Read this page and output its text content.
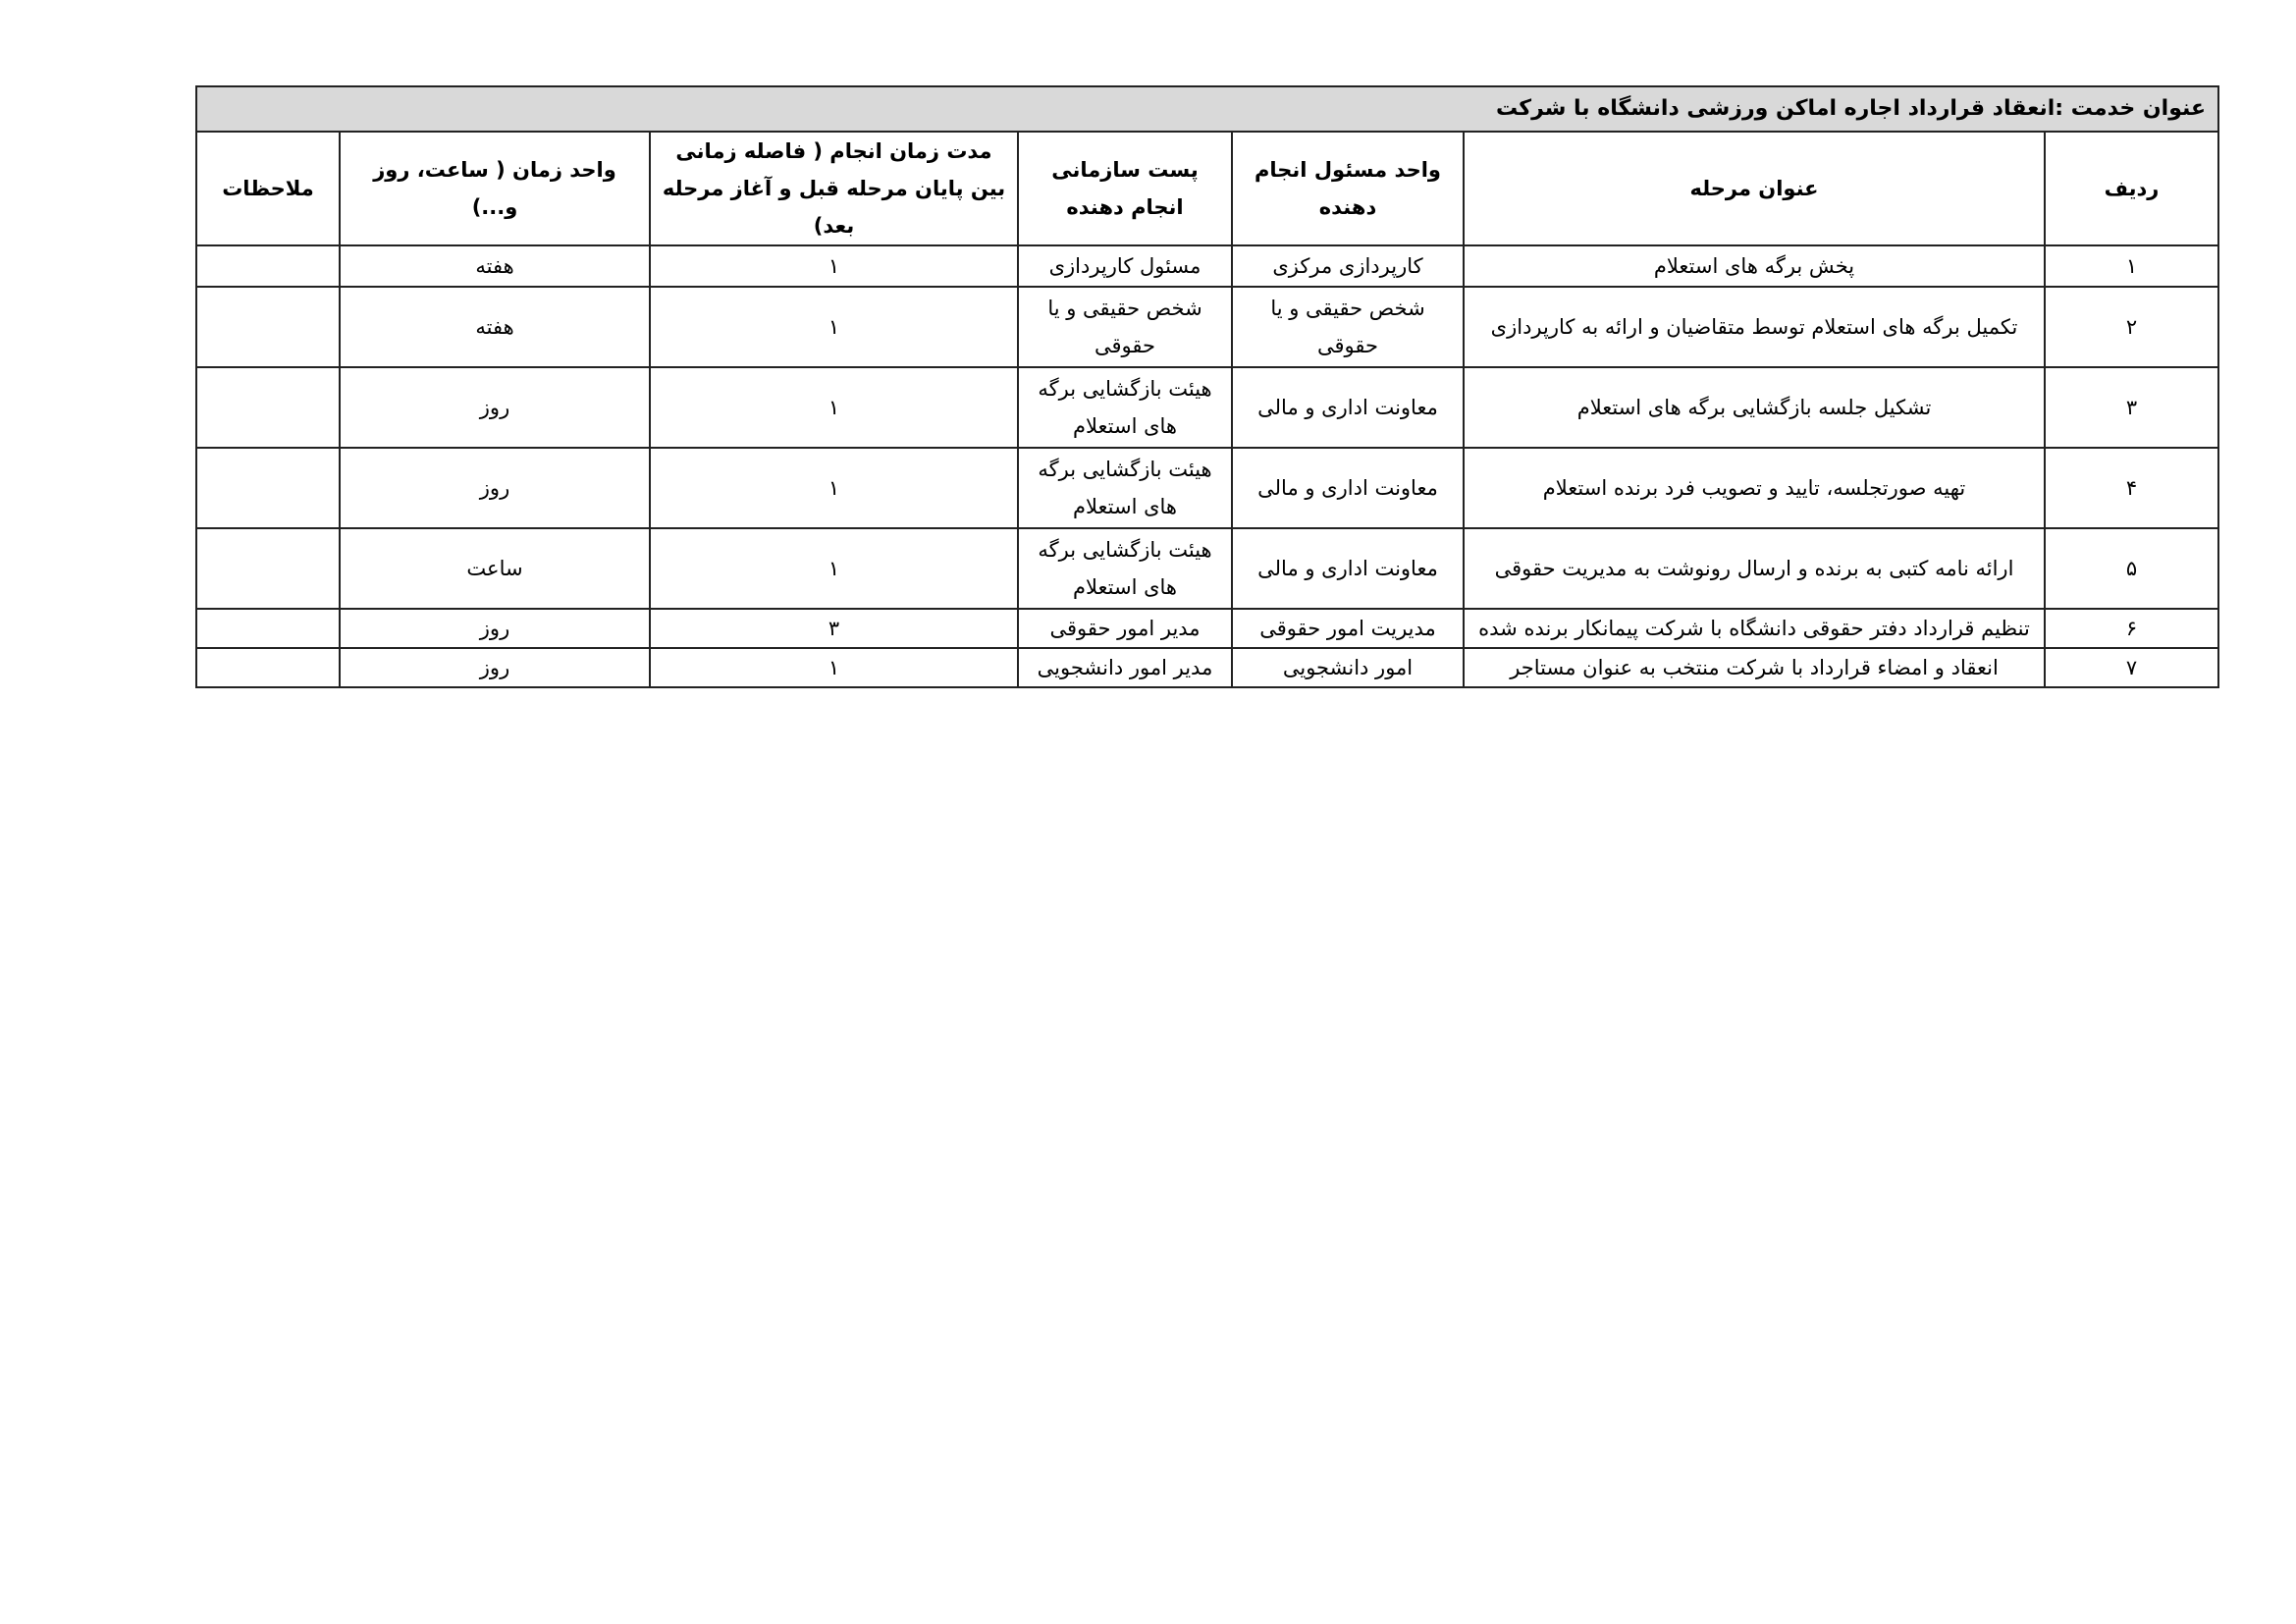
عنوان خدمت :انعقاد قرارداد اجاره اماکن ورزشی دانشگاه با شرکت						
ردیف	عنوان مرحله	واحد مسئول انجام دهنده	پست سازمانی انجام دهنده	مدت زمان انجام ( فاصله زمانی بین پایان مرحله قبل و آغاز مرحله بعد)	واحد زمان ( ساعت، روز و...)	ملاحظات
۱	پخش برگه های استعلام	کارپردازی مرکزی	مسئول کارپردازی	۱	هفته	
۲	تکمیل برگه های استعلام توسط متقاضیان و ارائه به کارپردازی	شخص حقیقی و یا حقوقی	شخص حقیقی و یا حقوقی	۱	هفته	
۳	تشکیل جلسه بازگشایی برگه های استعلام	معاونت اداری و مالی	هیئت بازگشایی برگه های استعلام	۱	روز	
۴	تهیه صورتجلسه، تایید و تصویب فرد برنده استعلام	معاونت اداری و مالی	هیئت بازگشایی برگه های استعلام	۱	روز	
۵	ارائه نامه کتبی به برنده و ارسال رونوشت به مدیریت حقوقی	معاونت اداری و مالی	هیئت بازگشایی برگه های استعلام	۱	ساعت	
۶	تنظیم قرارداد دفتر حقوقی دانشگاه با شرکت پیمانکار برنده شده	مدیریت امور حقوقی	مدیر امور حقوقی	۳	روز	
۷	انعقاد و امضاء قرارداد با شرکت منتخب به عنوان مستاجر	امور دانشجویی	مدیر امور دانشجویی	۱	روز	
